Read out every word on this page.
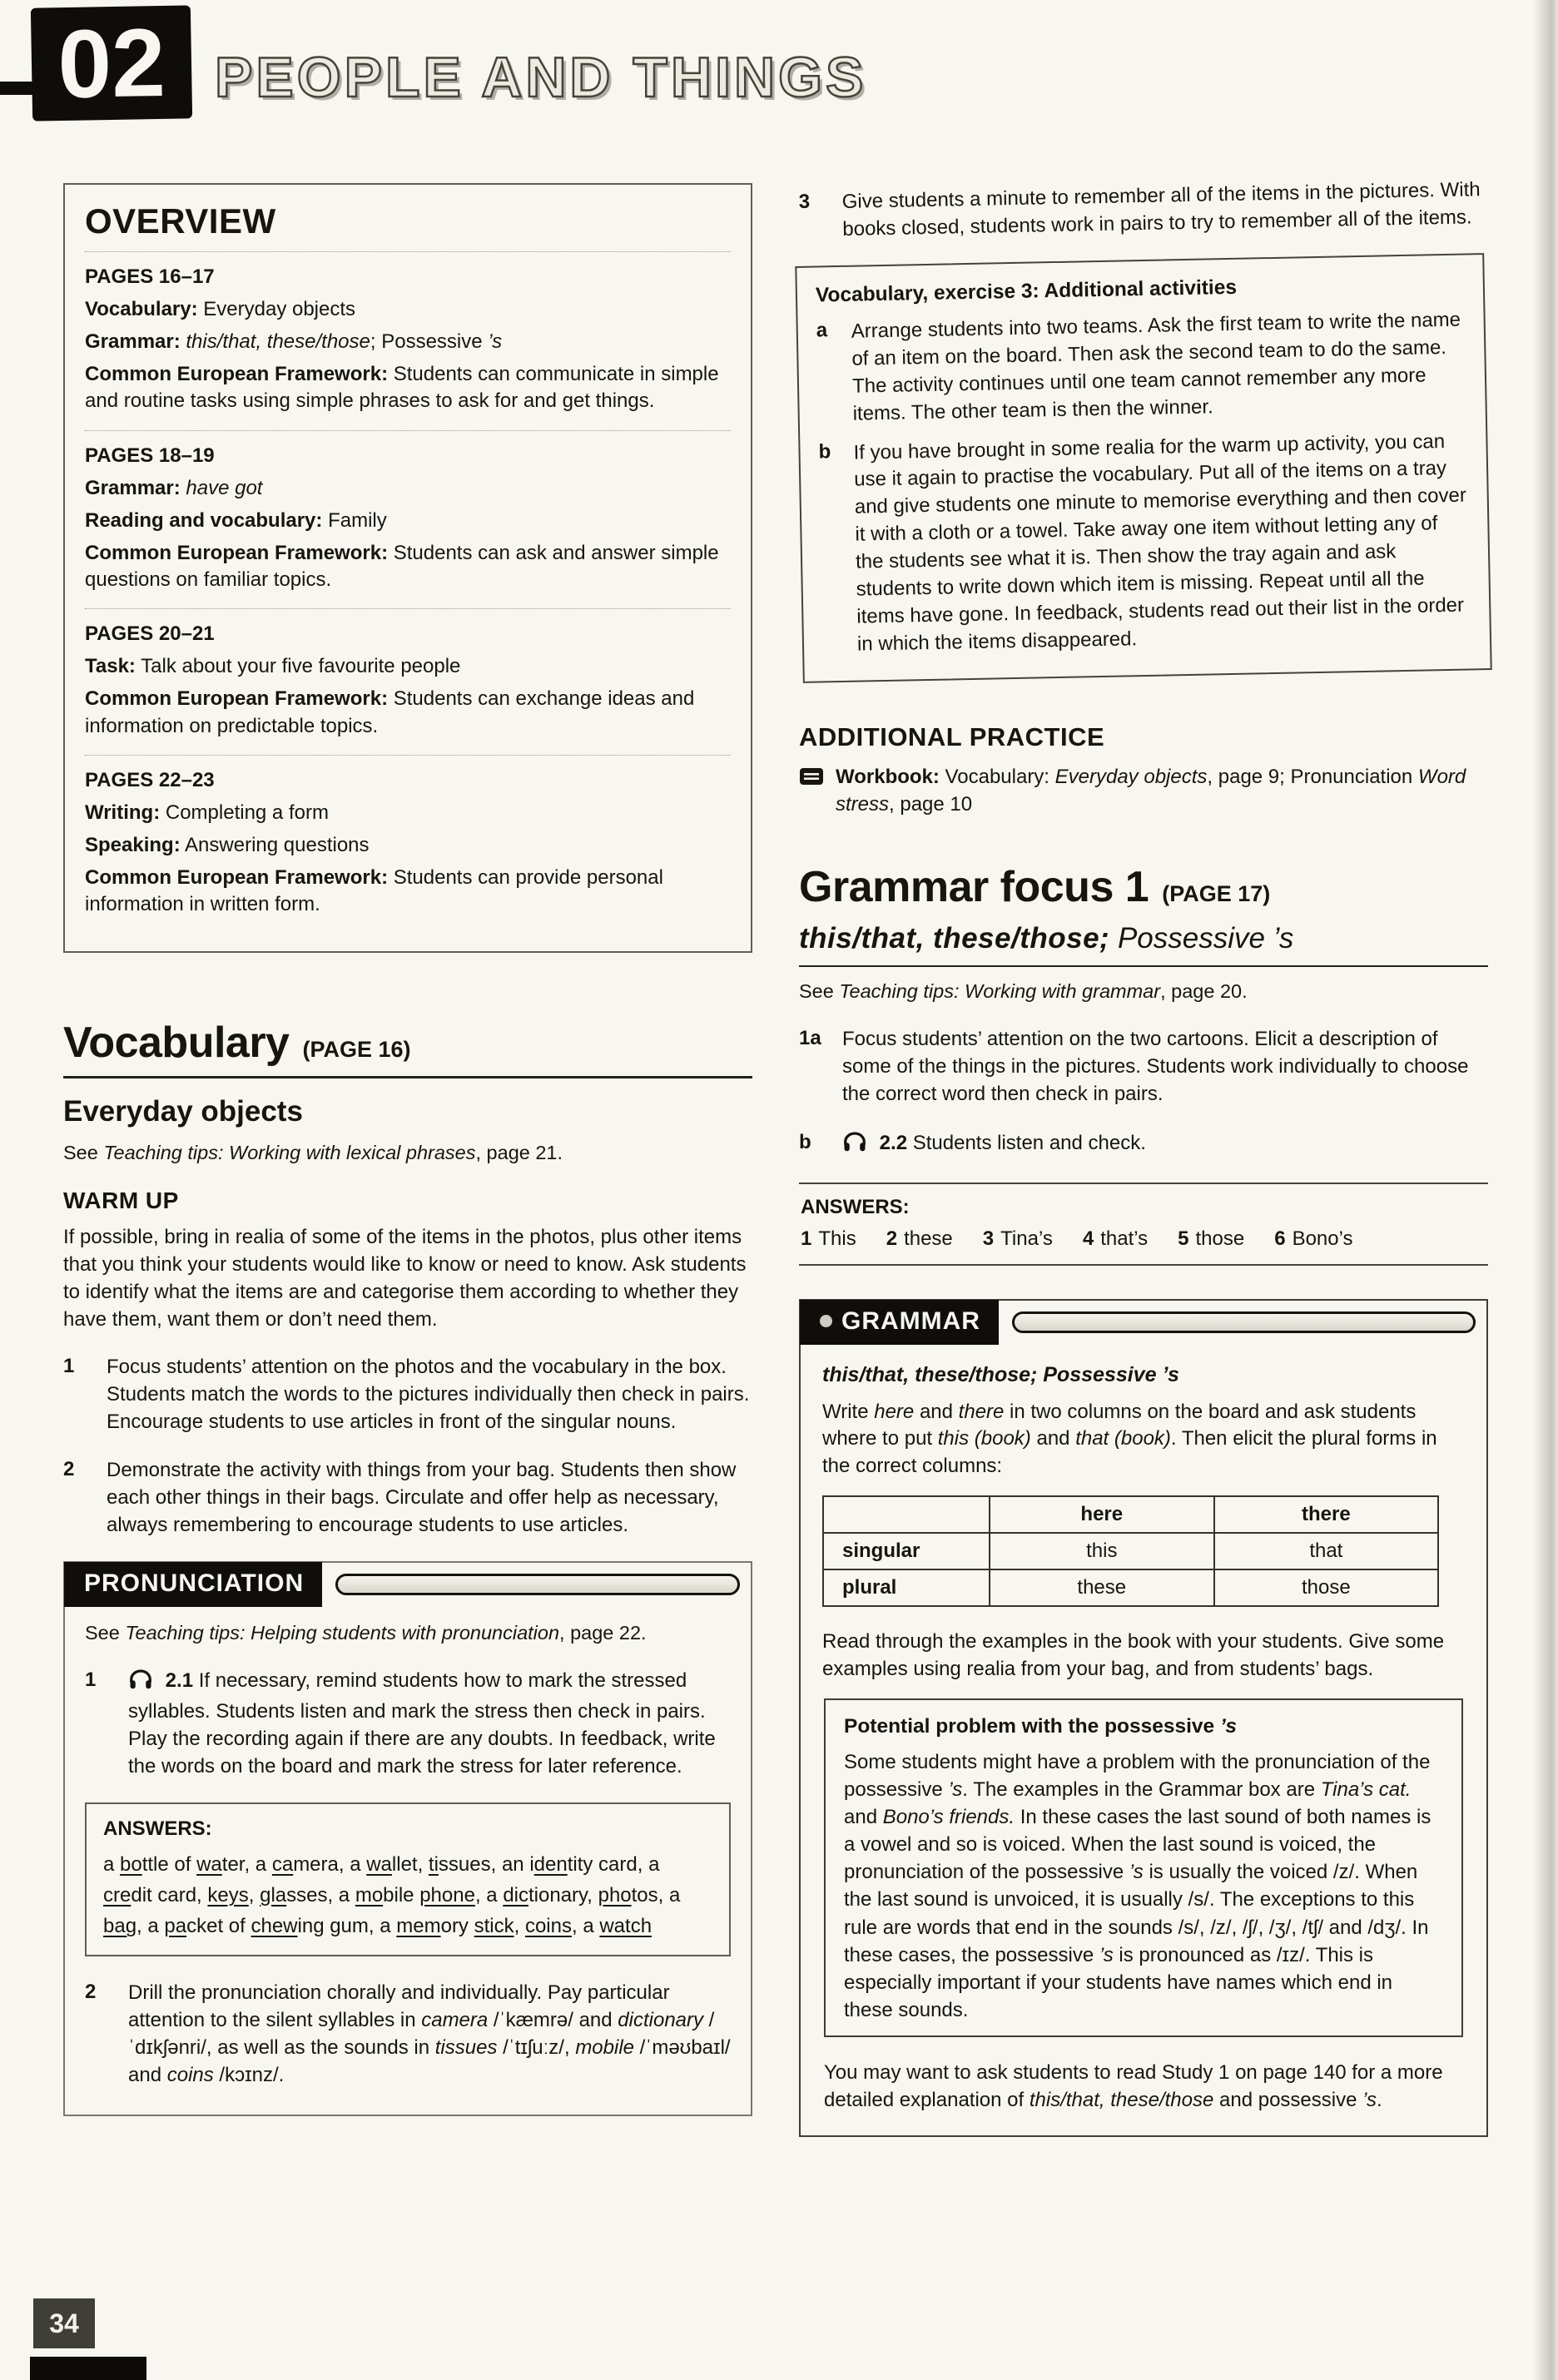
02 PEOPLE AND THINGS
OVERVIEW
PAGES 16–17
Vocabulary: Everyday objects
Grammar: this/that, these/those; Possessive ’s
Common European Framework: Students can communicate in simple and routine tasks using simple phrases to ask for and get things.
PAGES 18–19
Grammar: have got
Reading and vocabulary: Family
Common European Framework: Students can ask and answer simple questions on familiar topics.
PAGES 20–21
Task: Talk about your five favourite people
Common European Framework: Students can exchange ideas and information on predictable topics.
PAGES 22–23
Writing: Completing a form
Speaking: Answering questions
Common European Framework: Students can provide personal information in written form.
Vocabulary (PAGE 16)
Everyday objects
See Teaching tips: Working with lexical phrases, page 21.
WARM UP
If possible, bring in realia of some of the items in the photos, plus other items that you think your students would like to know or need to know. Ask students to identify what the items are and categorise them according to whether they have them, want them or don’t need them.
1	Focus students’ attention on the photos and the vocabulary in the box. Students match the words to the pictures individually then check in pairs. Encourage students to use articles in front of the singular nouns.
2	Demonstrate the activity with things from your bag. Students then show each other things in their bags. Circulate and offer help as necessary, always remembering to encourage students to use articles.
PRONUNCIATION
See Teaching tips: Helping students with pronunciation, page 22.
1	2.1 If necessary, remind students how to mark the stressed syllables. Students listen and mark the stress then check in pairs. Play the recording again if there are any doubts. In feedback, write the words on the board and mark the stress for later reference.
ANSWERS:
a bottle of water, a camera, a wallet, tissues, an identity card, a credit card, keys, glasses, a mobile phone, a dictionary, photos, a bag, a packet of chewing gum, a memory stick, coins, a watch
2	Drill the pronunciation chorally and individually. Pay particular attention to the silent syllables in camera /ˈkæmrə/ and dictionary /ˈdɪkʃənri/, as well as the sounds in tissues /ˈtɪʃuːz/, mobile /ˈməʊbaɪl/ and coins /kɔɪnz/.
3	Give students a minute to remember all of the items in the pictures. With books closed, students work in pairs to try to remember all of the items.
Vocabulary, exercise 3: Additional activities
a	Arrange students into two teams. Ask the first team to write the name of an item on the board. Then ask the second team to do the same. The activity continues until one team cannot remember any more items. The other team is then the winner.
b	If you have brought in some realia for the warm up activity, you can use it again to practise the vocabulary. Put all of the items on a tray and give students one minute to memorise everything and then cover it with a cloth or a towel. Take away one item without letting any of the students see what it is. Then show the tray again and ask students to write down which item is missing. Repeat until all the items have gone. In feedback, students read out their list in the order in which the items disappeared.
ADDITIONAL PRACTICE
Workbook: Vocabulary: Everyday objects, page 9; Pronunciation Word stress, page 10
Grammar focus 1 (PAGE 17)
this/that, these/those; Possessive ’s
See Teaching tips: Working with grammar, page 20.
1a	Focus students’ attention on the two cartoons. Elicit a description of some of the things in the pictures. Students work individually to choose the correct word then check in pairs.
b	2.2 Students listen and check.
ANSWERS:
1 This 2 these 3 Tina’s 4 that’s 5 those 6 Bono’s
GRAMMAR
this/that, these/those; Possessive ’s
Write here and there in two columns on the board and ask students where to put this (book) and that (book). Then elicit the plural forms in the correct columns:
	here	there
singular	this	that
plural	these	those
Read through the examples in the book with your students. Give some examples using realia from your bag, and from students’ bags.
Potential problem with the possessive ’s
Some students might have a problem with the pronunciation of the possessive ’s. The examples in the Grammar box are Tina’s cat. and Bono’s friends. In these cases the last sound of both names is a vowel and so is voiced. When the last sound is voiced, the pronunciation of the possessive ’s is usually the voiced /z/. When the last sound is unvoiced, it is usually /s/. The exceptions to this rule are words that end in the sounds /s/, /z/, /ʃ/, /ʒ/, /tʃ/ and /dʒ/. In these cases, the possessive ’s is pronounced as /ɪz/. This is especially important if your students have names which end in these sounds.
You may want to ask students to read Study 1 on page 140 for a more detailed explanation of this/that, these/those and possessive ’s.
34
